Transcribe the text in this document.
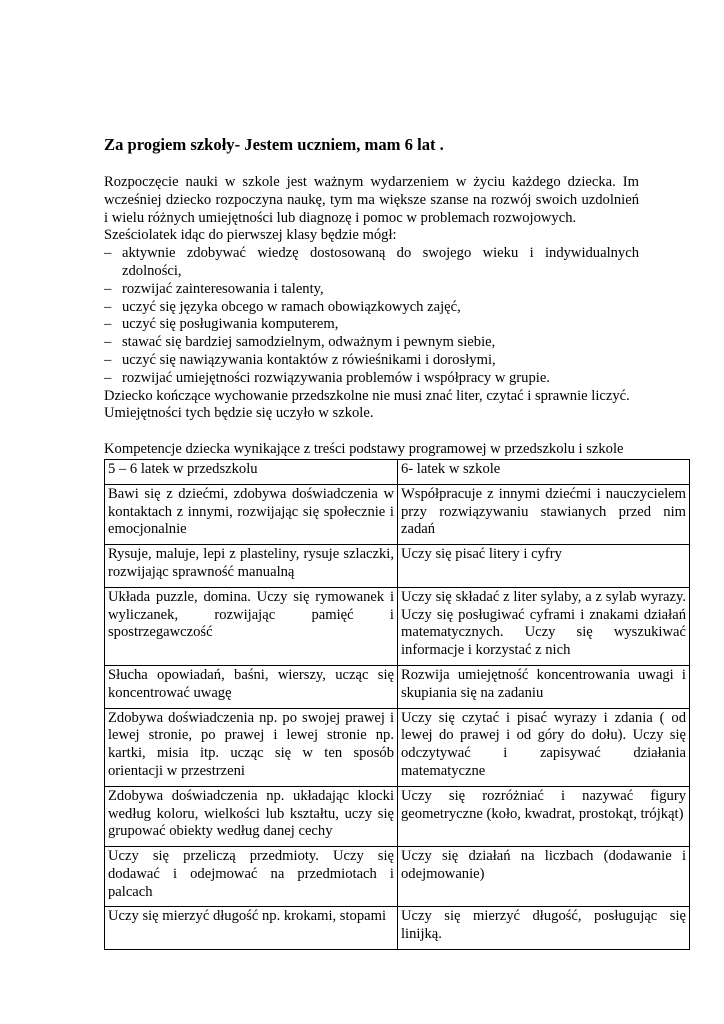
Za progiem szkoły- Jestem uczniem, mam 6 lat .

Rozpoczęcie nauki w szkole jest ważnym wydarzeniem w życiu każdego dziecka. Im wcześniej dziecko rozpoczyna naukę, tym ma większe szanse na rozwój swoich uzdolnień i wielu różnych umiejętności lub diagnozę i pomoc w problemach rozwojowych.

Sześciolatek idąc do pierwszej klasy będzie mógł:

– aktywnie zdobywać wiedzę dostosowaną do swojego wieku i indywidualnych zdolności,
– rozwijać zainteresowania i talenty,
– uczyć się języka obcego w ramach obowiązkowych zajęć,
– uczyć się posługiwania komputerem,
– stawać się bardziej samodzielnym, odważnym i pewnym siebie,
– uczyć się nawiązywania kontaktów z rówieśnikami i dorosłymi,
– rozwijać umiejętności rozwiązywania problemów i współpracy w grupie.

Dziecko kończące wychowanie przedszkolne nie musi znać liter, czytać i sprawnie liczyć.

Umiejętności tych będzie się uczyło w szkole.

Kompetencje dziecka wynikające z treści podstawy programowej w przedszkolu i szkole

5 – 6 latek w przedszkolu	6- latek w szkole
Bawi się z dziećmi, zdobywa doświadczenia w kontaktach z innymi, rozwijając się społecznie i emocjonalnie	Współpracuje z innymi dziećmi i nauczycielem przy rozwiązywaniu stawianych przed nim zadań
Rysuje, maluje, lepi z plasteliny, rysuje szlaczki, rozwijając sprawność manualną	Uczy się pisać litery i cyfry
Układa puzzle, domina. Uczy się rymowanek i wyliczanek, rozwijając pamięć i spostrzegawczość	Uczy się składać z liter sylaby, a z sylab wyrazy. Uczy się posługiwać cyframi i znakami działań matematycznych. Uczy się wyszukiwać informacje i korzystać z nich
Słucha opowiadań, baśni, wierszy, ucząc się koncentrować uwagę	Rozwija umiejętność koncentrowania uwagi i skupiania się na zadaniu
Zdobywa doświadczenia np. po swojej prawej i lewej stronie, po prawej i lewej stronie np. kartki, misia itp. ucząc się w ten sposób orientacji w przestrzeni	Uczy się czytać i pisać wyrazy i zdania ( od lewej do prawej i od góry do dołu). Uczy się odczytywać i zapisywać działania matematyczne
Zdobywa doświadczenia np. układając klocki według koloru, wielkości lub kształtu, uczy się grupować obiekty według danej cechy	Uczy się rozróżniać i nazywać figury geometryczne (koło, kwadrat, prostokąt, trójkąt)
Uczy się przeliczą przedmioty. Uczy się dodawać i odejmować na przedmiotach i palcach	Uczy się działań na liczbach (dodawanie i odejmowanie)
Uczy się mierzyć długość np. krokami, stopami	Uczy się mierzyć długość, posługując się linijką.
